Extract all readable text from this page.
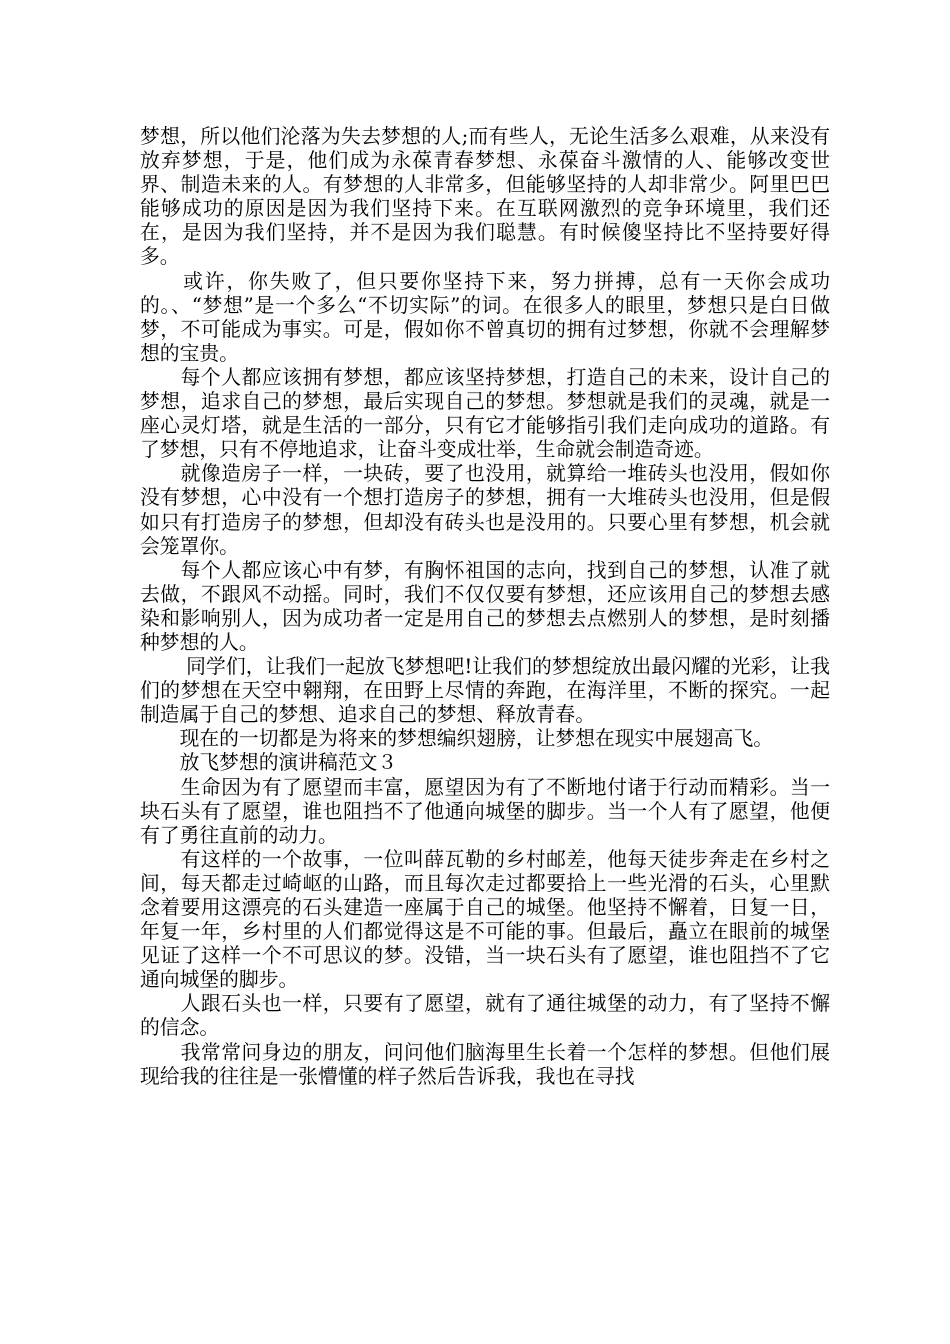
梦想，所以他们沦落为失去梦想的人;而有些人，无论生活多么艰难，从来没有放弃梦想，于是，他们成为永葆青春梦想、永葆奋斗激情的人、能够改变世界、制造未来的人。有梦想的人非常多，但能够坚持的人却非常少。阿里巴巴能够成功的原因是因为我们坚持下来。在互联网激烈的竞争环境里，我们还在，是因为我们坚持，并不是因为我们聪慧。有时候傻坚持比不坚持要好得多。

　　或许，你失败了，但只要你坚持下来，努力拼搏，总有一天你会成功的。、“梦想”是一个多么“不切实际”的词。在很多人的眼里，梦想只是白日做梦，不可能成为事实。可是，假如你不曾真切的拥有过梦想，你就不会理解梦想的宝贵。

　　每个人都应该拥有梦想，都应该坚持梦想，打造自己的未来，设计自己的梦想，追求自己的梦想，最后实现自己的梦想。梦想就是我们的灵魂，就是一座心灵灯塔，就是生活的一部分，只有它才能够指引我们走向成功的道路。有了梦想，只有不停地追求，让奋斗变成壮举，生命就会制造奇迹。

　　就像造房子一样，一块砖，要了也没用，就算给一堆砖头也没用，假如你没有梦想，心中没有一个想打造房子的梦想，拥有一大堆砖头也没用，但是假如只有打造房子的梦想，但却没有砖头也是没用的。只要心里有梦想，机会就会笼罩你。

　　每个人都应该心中有梦，有胸怀祖国的志向，找到自己的梦想，认准了就去做，不跟风不动摇。同时，我们不仅仅要有梦想，还应该用自己的梦想去感染和影响别人，因为成功者一定是用自己的梦想去点燃别人的梦想，是时刻播种梦想的人。

　　 同学们，让我们一起放飞梦想吧!让我们的梦想绽放出最闪耀的光彩，让我们的梦想在天空中翱翔，在田野上尽情的奔跑，在海洋里，不断的探究。一起制造属于自己的梦想、追求自己的梦想、释放青春。

　　现在的一切都是为将来的梦想编织翅膀，让梦想在现实中展翅高飞。

　　放飞梦想的演讲稿范文３

　　生命因为有了愿望而丰富，愿望因为有了不断地付诸于行动而精彩。当一块石头有了愿望，谁也阻挡不了他通向城堡的脚步。当一个人有了愿望，他便有了勇往直前的动力。

　　有这样的一个故事，一位叫薛瓦勒的乡村邮差，他每天徒步奔走在乡村之间，每天都走过崎岖的山路，而且每次走过都要拾上一些光滑的石头，心里默念着要用这漂亮的石头建造一座属于自己的城堡。他坚持不懈着，日复一日，年复一年，乡村里的人们都觉得这是不可能的事。但最后，矗立在眼前的城堡见证了这样一个不可思议的梦。没错，当一块石头有了愿望，谁也阻挡不了它通向城堡的脚步。

　　人跟石头也一样，只要有了愿望，就有了通往城堡的动力，有了坚持不懈的信念。

　　我常常问身边的朋友，问问他们脑海里生长着一个怎样的梦想。但他们展现给我的往往是一张懵懂的样子然后告诉我，我也在寻找
